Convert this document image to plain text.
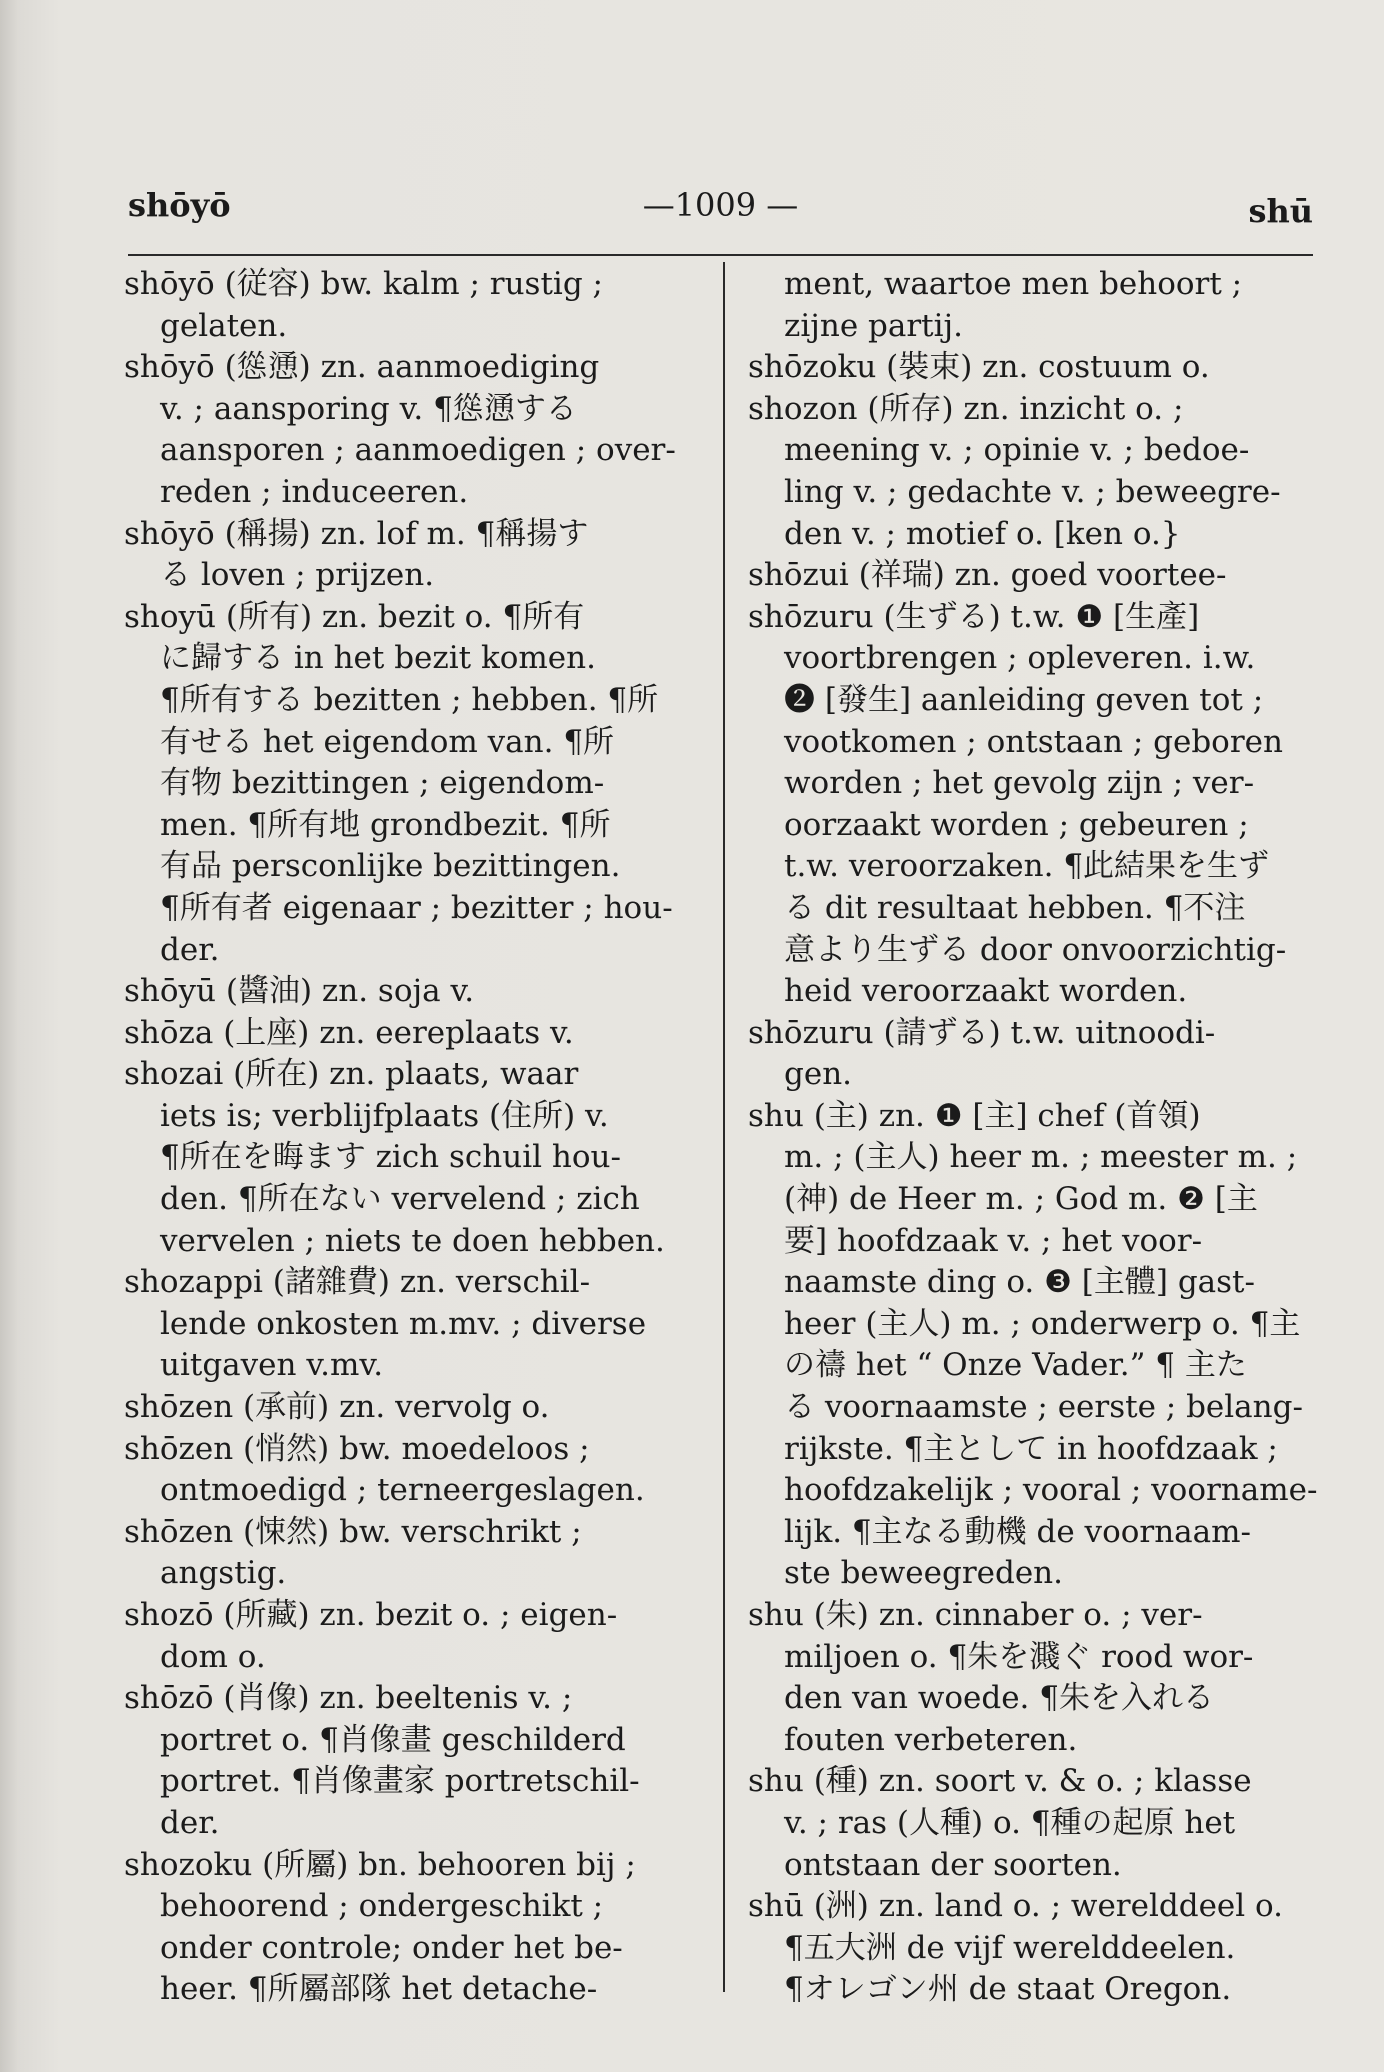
—1009 —
shōyō	shū
shōyō (従容) bw. kalm ; rustig ;
gelaten.
shōyō (慫慂) zn. aanmoediging
v. ; aansporing v. ¶慫慂する
aansporen ; aanmoedigen ; over-
reden ; induceeren.
shōyō (稱揚) zn. lof m. ¶稱揚す
る loven ; prijzen.
shoyū (所有) zn. bezit o. ¶所有
に歸する in het bezit komen.
¶所有する bezitten ; hebben. ¶所
有せる het eigendom van. ¶所
有物 bezittingen ; eigendom-
men. ¶所有地 grondbezit. ¶所
有品 persconlijke bezittingen.
¶所有者 eigenaar ; bezitter ; hou-
der.
shōyū (醬油) zn. soja v.
shōza (上座) zn. eereplaats v.
shozai (所在) zn. plaats, waar
iets is; verblijfplaats (住所) v.
¶所在を晦ます zich schuil hou-
den. ¶所在ない vervelend ; zich
vervelen ; niets te doen hebben.
shozappi (諸雜費) zn. verschil-
lende onkosten m.mv. ; diverse
uitgaven v.mv.
shōzen (承前) zn. vervolg o.
shōzen (悄然) bw. moedeloos ;
ontmoedigd ; terneergeslagen.
shōzen (悚然) bw. verschrikt ;
angstig.
shozō (所藏) zn. bezit o. ; eigen-
dom o.
shōzō (肖像) zn. beeltenis v. ;
portret o. ¶肖像畫 geschilderd
portret. ¶肖像畫家 portretschil-
der.
shozoku (所屬) bn. behooren bij ;
behoorend ; ondergeschikt ;
onder controle; onder het be-
heer. ¶所屬部隊 het detache-
ment, waartoe men behoort ;
zijne partij.
shōzoku (裝束) zn. costuum o.
shozon (所存) zn. inzicht o. ;
meening v. ; opinie v. ; bedoe-
ling v. ; gedachte v. ; beweegre-
den v. ; motief o. [ken o.}
shōzui (祥瑞) zn. goed voortee-
shōzuru (生ずる) t.w. ❶ [生產]
voortbrengen ; opleveren. i.w.
❷ [發生] aanleiding geven tot ;
vootkomen ; ontstaan ; geboren
worden ; het gevolg zijn ; ver-
oorzaakt worden ; gebeuren ;
t.w. veroorzaken. ¶此結果を生ず
る dit resultaat hebben. ¶不注
意より生ずる door onvoorzichtig-
heid veroorzaakt worden.
shōzuru (請ずる) t.w. uitnoodi-
gen.
shu (主) zn. ❶ [主] chef (首領)
m. ; (主人) heer m. ; meester m. ;
(神) de Heer m. ; God m. ❷ [主
要] hoofdzaak v. ; het voor-
naamste ding o. ❸ [主體] gast-
heer (主人) m. ; onderwerp o. ¶主
の禱 het “ Onze Vader.” ¶ 主た
る voornaamste ; eerste ; belang-
rijkste. ¶主として in hoofdzaak ;
hoofdzakelijk ; vooral ; voorname-
lijk. ¶主なる動機 de voornaam-
ste beweegreden.
shu (朱) zn. cinnaber o. ; ver-
miljoen o. ¶朱を濺ぐ rood wor-
den van woede. ¶朱を入れる
fouten verbeteren.
shu (種) zn. soort v. & o. ; klasse
v. ; ras (人種) o. ¶種の起原 het
ontstaan der soorten.
shū (洲) zn. land o. ; werelddeel o.
¶五大洲 de vijf werelddeelen.
¶オレゴン州 de staat Oregon.
